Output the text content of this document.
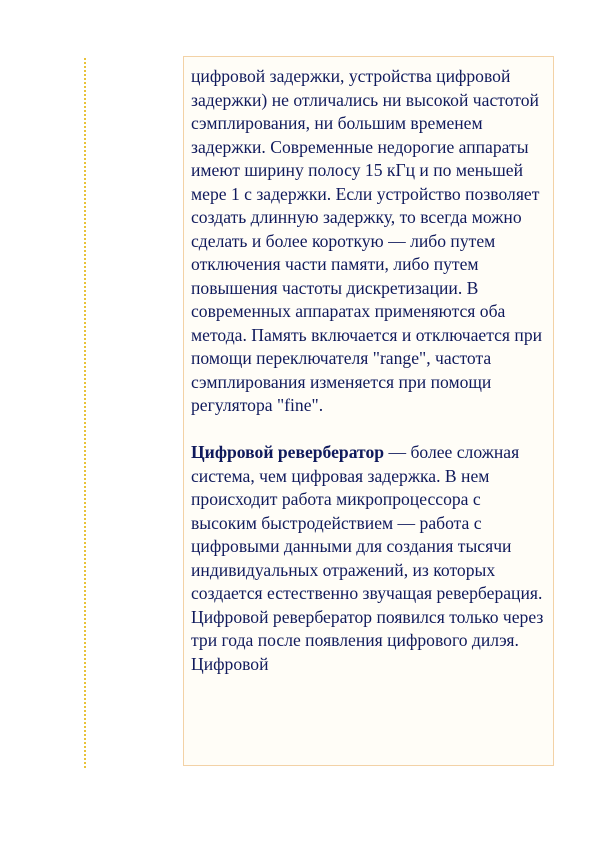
цифровой задержки, устройства цифровой задержки) не отличались ни высокой частотой сэмплирования, ни большим временем задержки. Современные недорогие аппараты имеют ширину полосу 15 кГц и по меньшей мере 1 с задержки. Если устройство позволяет создать длинную задержку, то всегда можно сделать и более короткую — либо путем отключения части памяти, либо путем повышения частоты дискретизации. В современных аппаратах применяются оба метода. Память включается и отключается при помощи переключателя "range", частота сэмплирования изменяется при помощи регулятора "fine".

Цифровой ревербератор — более сложная система, чем цифровая задержка. В нем происходит работа микропроцессора с высоким быстродействием — работа с цифровыми данными для создания тысячи индивидуальных отражений, из которых создается естественно звучащая реверберация. Цифровой ревербератор появился только через три года после появления цифрового дилэя. Цифровой
